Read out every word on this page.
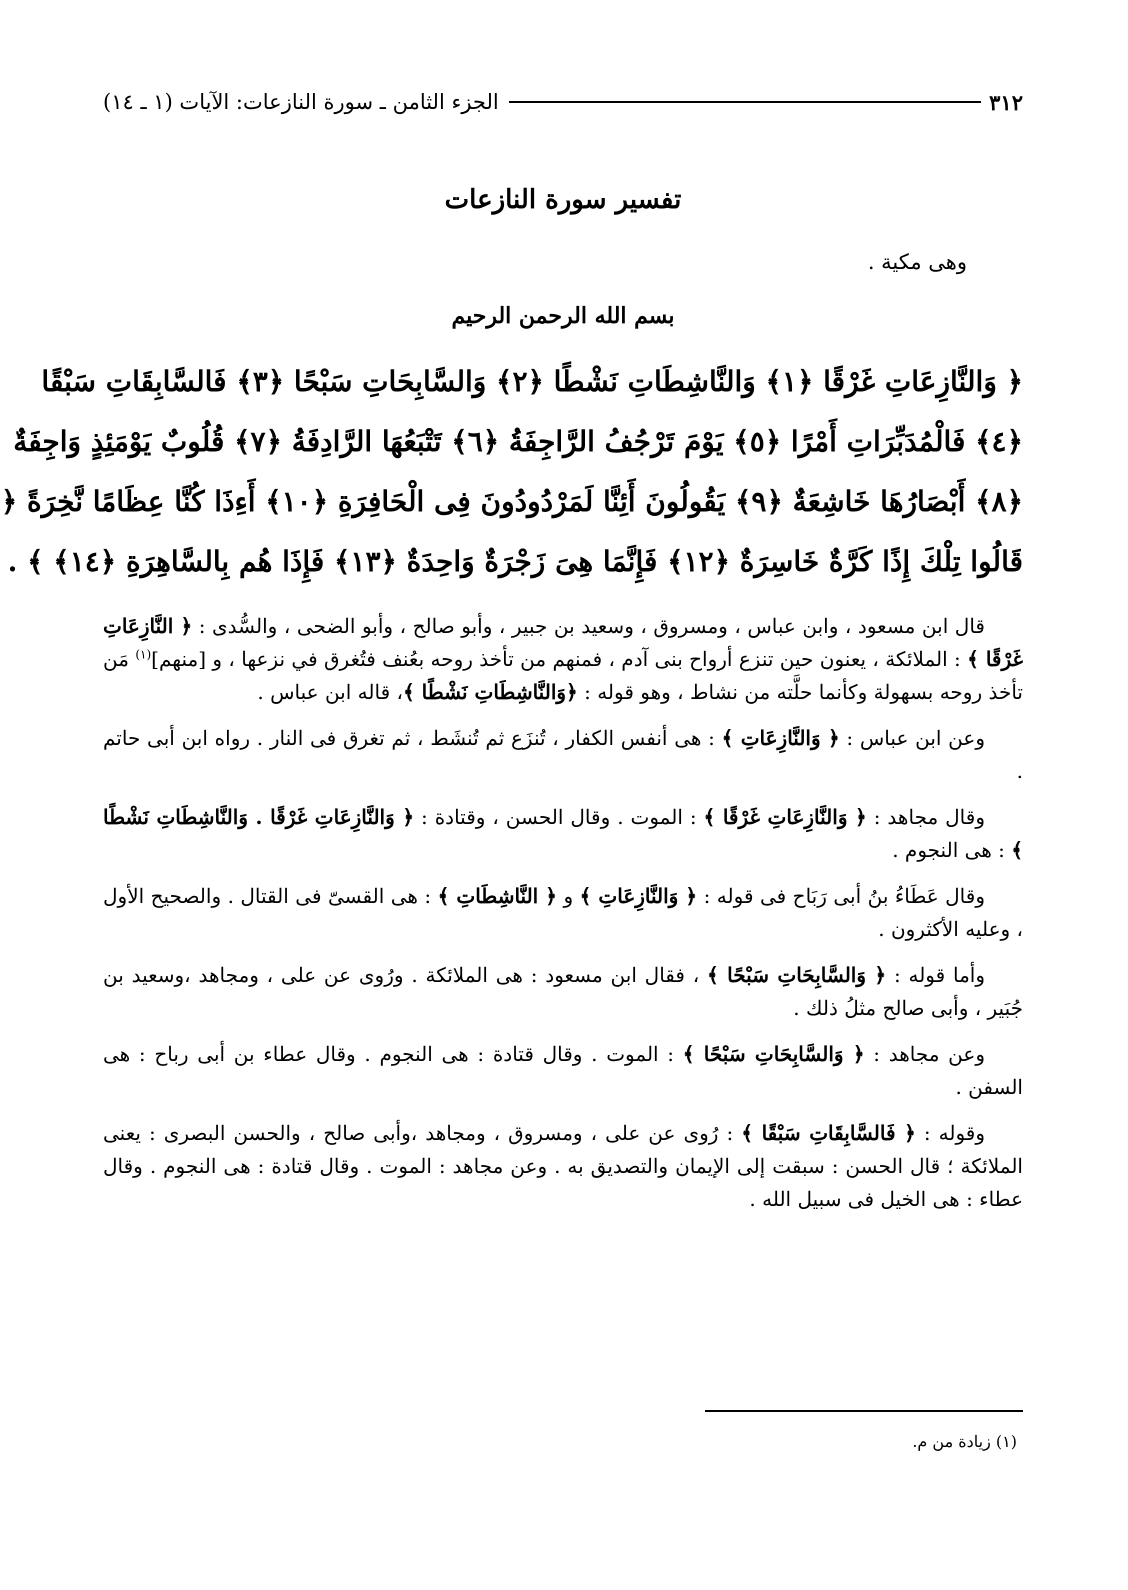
٣١٢
الجزء الثامن ـ سورة النازعات: الآيات (١ ـ ١٤)
تفسير سورة النازعات
وهى مكية .
بسم الله الرحمن الرحيم
﴿ وَالنَّازِعَاتِ غَرْقًا ﴿١﴾ وَالنَّاشِطَاتِ نَشْطًا ﴿٢﴾ وَالسَّابِحَاتِ سَبْحًا ﴿٣﴾ فَالسَّابِقَاتِ سَبْقًا
﴿٤﴾ فَالْمُدَبِّرَاتِ أَمْرًا ﴿٥﴾ يَوْمَ تَرْجُفُ الرَّاجِفَةُ ﴿٦﴾ تَتْبَعُهَا الرَّادِفَةُ ﴿٧﴾ قُلُوبٌ يَوْمَئِذٍ وَاجِفَةٌ
﴿٨﴾ أَبْصَارُهَا خَاشِعَةٌ ﴿٩﴾ يَقُولُونَ أَئِنَّا لَمَرْدُودُونَ فِى الْحَافِرَةِ ﴿١٠﴾ أَءِذَا كُنَّا عِظَامًا نَّخِرَةً ﴿
قَالُوا تِلْكَ إِذًا كَرَّةٌ خَاسِرَةٌ ﴿١٢﴾ فَإِنَّمَا هِىَ زَجْرَةٌ وَاحِدَةٌ ﴿١٣﴾ فَإِذَا هُم بِالسَّاهِرَةِ ﴿١٤﴾ ﴾ .

قال ابن مسعود ، وابن عباس ، ومسروق ، وسعيد بن جبير ، وأبو صالح ، وأبو الضحى ، والسُّدى : ﴿ النَّازِعَاتِ غَرْقًا ﴾ : الملائكة ، يعنون حين تنزع أرواح بنى آدم ، فمنهم من تأخذ روحه بعُنف فتُغرق في نزعها ، و [منهم]$^{(١)}$ مَن تأخذ روحه بسهولة وكأنما حلَّته من نشاط ، وهو قوله : ﴿وَالنَّاشِطَاتِ نَشْطًا ﴾، قاله ابن عباس .

وعن ابن عباس : ﴿ وَالنَّازِعَاتِ ﴾ : هى أنفس الكفار ، تُنزَع ثم تُنشَط ، ثم تغرق فى النار . رواه ابن أبى حاتم .

وقال مجاهد : ﴿ وَالنَّازِعَاتِ غَرْقًا ﴾ : الموت . وقال الحسن ، وقتادة : ﴿ وَالنَّازِعَاتِ غَرْقًا . وَالنَّاشِطَاتِ نَشْطًا ﴾ : هى النجوم .

وقال عَطَاءُ بنُ أبى رَبَاح فى قوله : ﴿ وَالنَّازِعَاتِ ﴾ و ﴿ النَّاشِطَاتِ ﴾ : هى القسىّ فى القتال . والصحيح الأول ، وعليه الأكثرون .

وأما قوله : ﴿ وَالسَّابِحَاتِ سَبْحًا ﴾ ، فقال ابن مسعود : هى الملائكة . ورُوى عن على ، ومجاهد ،وسعيد بن جُبَير ، وأبى صالح مثلُ ذلك .

وعن مجاهد : ﴿ وَالسَّابِحَاتِ سَبْحًا ﴾ : الموت . وقال قتادة : هى النجوم . وقال عطاء بن أبى رباح : هى السفن .

وقوله : ﴿ فَالسَّابِقَاتِ سَبْقًا ﴾ : رُوى عن على ، ومسروق ، ومجاهد ،وأبى صالح ، والحسن البصرى : يعنى الملائكة ؛ قال الحسن : سبقت إلى الإيمان والتصديق به . وعن مجاهد : الموت . وقال قتادة : هى النجوم . وقال عطاء : هى الخيل فى سبيل الله .

(١) زيادة من م.
